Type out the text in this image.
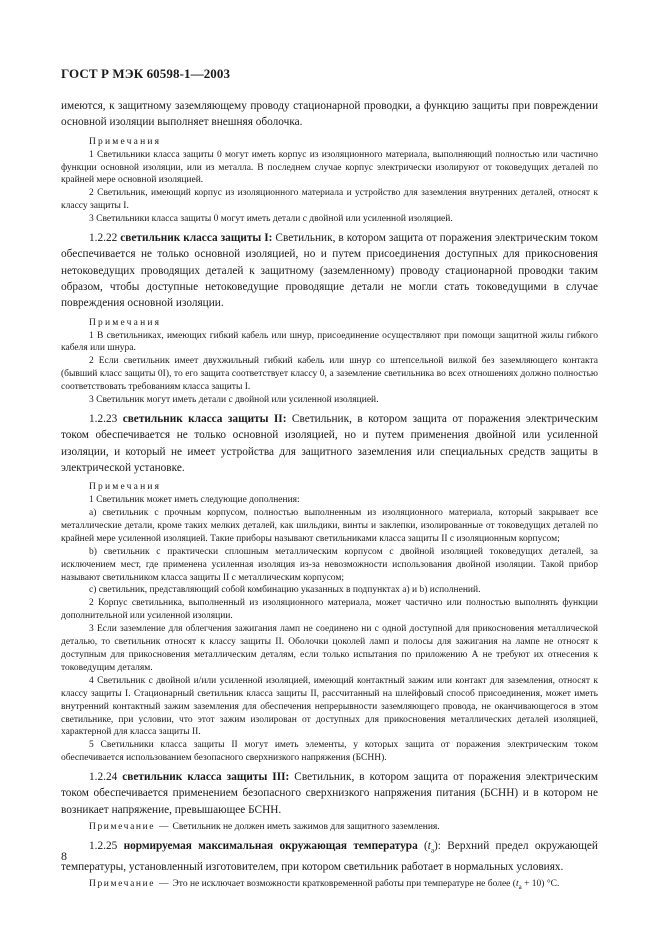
ГОСТ Р МЭК 60598-1—2003

имеются, к защитному заземляющему проводу стационарной проводки, а функцию защиты при повреждении основной изоляции выполняет внешняя оболочка.

Примечания

1 Светильники класса защиты 0 могут иметь корпус из изоляционного материала, выполняющий полностью или частично функции основной изоляции, или из металла. В последнем случае корпус электрически изолируют от токоведущих деталей по крайней мере основной изоляцией.

2 Светильник, имеющий корпус из изоляционного материала и устройство для заземления внутренних деталей, относят к классу защиты I.

3 Светильники класса защиты 0 могут иметь детали с двойной или усиленной изоляцией.

1.2.22 светильник класса защиты I: Светильник, в котором защита от поражения электрическим током обеспечивается не только основной изоляцией, но и путем присоединения доступных для прикосновения нетоковедущих проводящих деталей к защитному (заземленному) проводу стационарной проводки таким образом, чтобы доступные нетоковедущие проводящие детали не могли стать токоведущими в случае повреждения основной изоляции.

Примечания

1 В светильниках, имеющих гибкий кабель или шнур, присоединение осуществляют при помощи защитной жилы гибкого кабеля или шнура.

2 Если светильник имеет двухжильный гибкий кабель или шнур со штепсельной вилкой без заземляющего контакта (бывший класс защиты 0I), то его защита соответствует классу 0, а заземление светильника во всех отношениях должно полностью соответствовать требованиям класса защиты I.

3 Светильник могут иметь детали с двойной или усиленной изоляцией.

1.2.23 светильник класса защиты II: Светильник, в котором защита от поражения электрическим током обеспечивается не только основной изоляцией, но и путем применения двойной или усиленной изоляции, и который не имеет устройства для защитного заземления или специальных средств защиты в электрической установке.

Примечания

1 Светильник может иметь следующие дополнения:

а) светильник с прочным корпусом, полностью выполненным из изоляционного материала, который закрывает все металлические детали, кроме таких мелких деталей, как шильдики, винты и заклепки, изолированные от токоведущих деталей по крайней мере усиленной изоляцией. Такие приборы называют светильниками класса защиты II с изоляционным корпусом;

b) светильник с практически сплошным металлическим корпусом с двойной изоляцией токоведущих деталей, за исключением мест, где применена усиленная изоляция из-за невозможности использования двойной изоляции. Такой прибор называют светильником класса защиты II с металлическим корпусом;

с) светильник, представляющий собой комбинацию указанных в подпунктах а) и b) исполнений.

2 Корпус светильника, выполненный из изоляционного материала, может частично или полностью выполнять функции дополнительной или усиленной изоляции.

3 Если заземление для облегчения зажигания ламп не соединено ни с одной доступной для прикосновения металлической деталью, то светильник относят к классу защиты II. Оболочки цоколей ламп и полосы для зажигания на лампе не относят к доступным для прикосновения металлическим деталям, если только испытания по приложению А не требуют их отнесения к токоведущим деталям.

4 Светильник с двойной и/или усиленной изоляцией, имеющий контактный зажим или контакт для заземления, относят к классу защиты I. Стационарный светильник класса защиты II, рассчитанный на шлейфовый способ присоединения, может иметь внутренний контактный зажим заземления для обеспечения непрерывности заземляющего провода, не оканчивающегося в этом светильнике, при условии, что этот зажим изолирован от доступных для прикосновения металлических деталей изоляцией, характерной для класса защиты II.

5 Светильники класса защиты II могут иметь элементы, у которых защита от поражения электрическим током обеспечивается использованием безопасного сверхнизкого напряжения (БСНН).

1.2.24 светильник класса защиты III: Светильник, в котором защита от поражения электрическим током обеспечивается применением безопасного сверхнизкого напряжения питания (БСНН) и в котором не возникает напряжение, превышающее БСНН.

Примечание — Светильник не должен иметь зажимов для защитного заземления.

1.2.25 нормируемая максимальная окружающая температура $(t_a)$: Верхний предел окружающей температуры, установленный изготовителем, при котором светильник работает в нормальных условиях.

Примечание — Это не исключает возможности кратковременной работы при температуре не более $(t_a + 10)$ °C.

8
